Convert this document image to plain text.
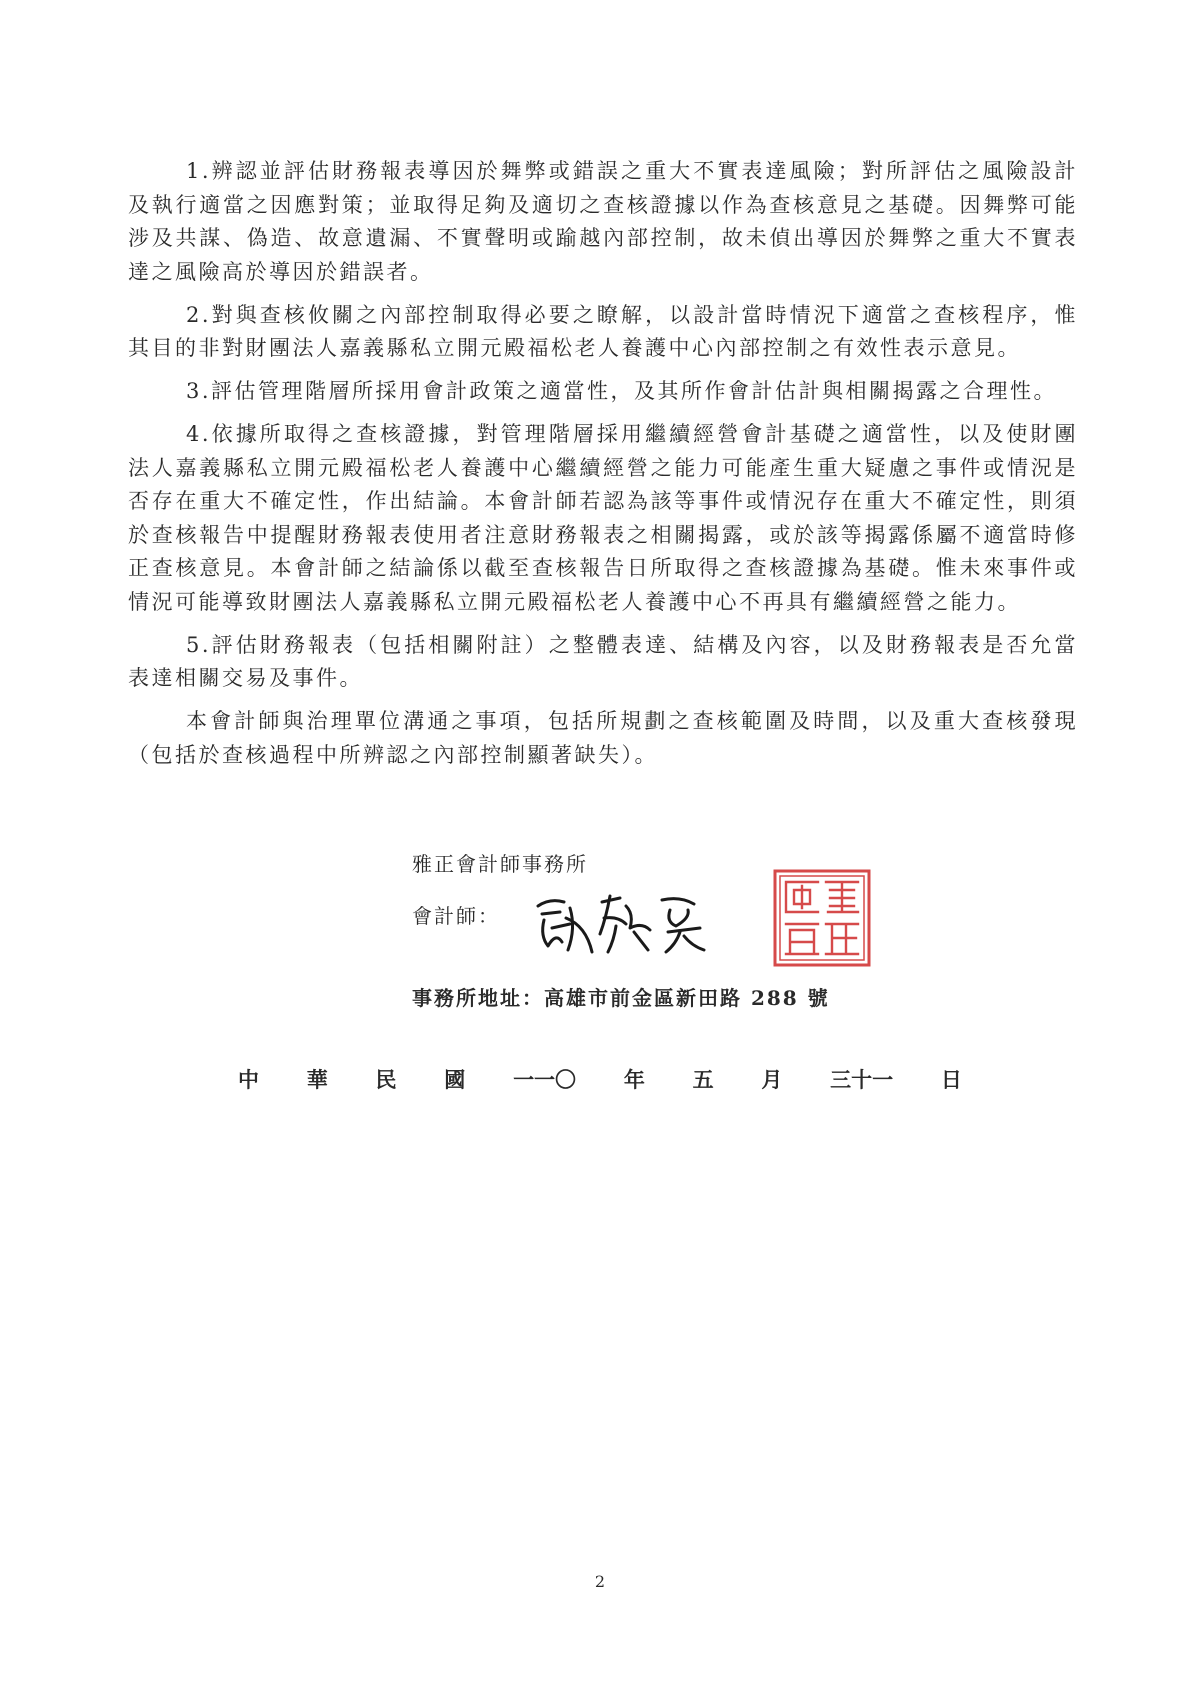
1.辨認並評估財務報表導因於舞弊或錯誤之重大不實表達風險；對所評估之風險設計及執行適當之因應對策；並取得足夠及適切之查核證據以作為查核意見之基礎。因舞弊可能涉及共謀、偽造、故意遺漏、不實聲明或踰越內部控制，故未偵出導因於舞弊之重大不實表達之風險高於導因於錯誤者。

2.對與查核攸關之內部控制取得必要之瞭解，以設計當時情況下適當之查核程序，惟其目的非對財團法人嘉義縣私立開元殿福松老人養護中心內部控制之有效性表示意見。

3.評估管理階層所採用會計政策之適當性，及其所作會計估計與相關揭露之合理性。

4.依據所取得之查核證據，對管理階層採用繼續經營會計基礎之適當性，以及使財團法人嘉義縣私立開元殿福松老人養護中心繼續經營之能力可能產生重大疑慮之事件或情況是否存在重大不確定性，作出結論。本會計師若認為該等事件或情況存在重大不確定性，則須於查核報告中提醒財務報表使用者注意財務報表之相關揭露，或於該等揭露係屬不適當時修正查核意見。本會計師之結論係以截至查核報告日所取得之查核證據為基礎。惟未來事件或情況可能導致財團法人嘉義縣私立開元殿福松老人養護中心不再具有繼續經營之能力。

5.評估財務報表（包括相關附註）之整體表達、結構及內容，以及財務報表是否允當表達相關交易及事件。

本會計師與治理單位溝通之事項，包括所規劃之查核範圍及時間，以及重大查核發現（包括於查核過程中所辨認之內部控制顯著缺失）。

雅正會計師事務所
會計師：
事務所地址：高雄市前金區新田路 288 號
中 華 民 國 一一〇 年 五 月 三十一 日
2
